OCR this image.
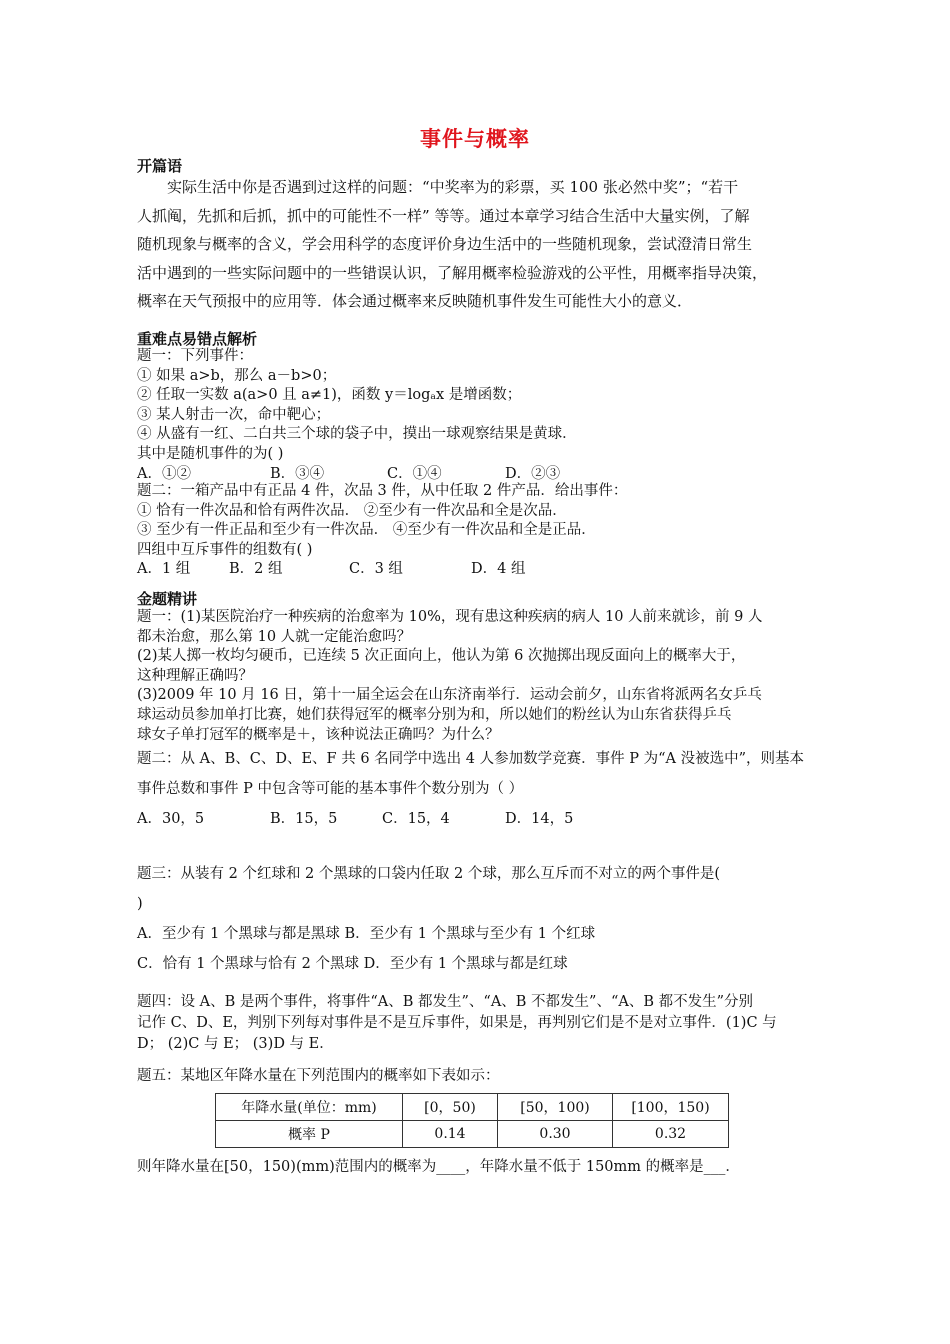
事件与概率
开篇语
实际生活中你是否遇到过这样的问题：“中奖率为的彩票，买 100 张必然中奖”；“若干
人抓阄，先抓和后抓，抓中的可能性不一样” 等等。通过本章学习结合生活中大量实例，了解
随机现象与概率的含义，学会用科学的态度评价身边生活中的一些随机现象，尝试澄清日常生
活中遇到的一些实际问题中的一些错误认识，了解用概率检验游戏的公平性，用概率指导决策，
概率在天气预报中的应用等．体会通过概率来反映随机事件发生可能性大小的意义．
重难点易错点解析
题一：下列事件：
① 如果 a>b，那么 a－b>0；
② 任取一实数 a(a>0 且 a≠1)，函数 y＝logₐx 是增函数；
③ 某人射击一次，命中靶心；
④ 从盛有一红、二白共三个球的袋子中，摸出一球观察结果是黄球．
其中是随机事件的为( )
A．①②	B．③④	C．①④	D．②③
题二：一箱产品中有正品 4 件，次品 3 件，从中任取 2 件产品．给出事件：
① 恰有一件次品和恰有两件次品． ②至少有一件次品和全是次品．
③ 至少有一件正品和至少有一件次品． ④至少有一件次品和全是正品．
四组中互斥事件的组数有( )
A．1 组	B．2 组	C．3 组	D．4 组
金题精讲
题一：(1)某医院治疗一种疾病的治愈率为 10%，现有患这种疾病的病人 10 人前来就诊，前 9 人
都未治愈，那么第 10 人就一定能治愈吗？
(2)某人掷一枚均匀硬币，已连续 5 次正面向上，他认为第 6 次抛掷出现反面向上的概率大于，
这种理解正确吗？
(3)2009 年 10 月 16 日，第十一届全运会在山东济南举行．运动会前夕，山东省将派两名女乒乓
球运动员参加单打比赛，她们获得冠军的概率分别为和，所以她们的粉丝认为山东省获得乒乓
球女子单打冠军的概率是＋，该种说法正确吗？为什么？
题二：从 A、B、C、D、E、F 共 6 名同学中选出 4 人参加数学竞赛．事件 P 为“A 没被选中”，则基本
事件总数和事件 P 中包含等可能的基本事件个数分别为（ ）
A．30，5	B．15，5	C．15，4	D．14，5
题三：从装有 2 个红球和 2 个黑球的口袋内任取 2 个球，那么互斥而不对立的两个事件是(
)
A．至少有 1 个黑球与都是黑球 B．至少有 1 个黑球与至少有 1 个红球
C．恰有 1 个黑球与恰有 2 个黑球 D．至少有 1 个黑球与都是红球
题四：设 A、B 是两个事件，将事件“A、B 都发生”、“A、B 不都发生”、“A、B 都不发生”分别
记作 C、D、E，判别下列每对事件是不是互斥事件，如果是，再判别它们是不是对立事件．(1)C 与
D； (2)C 与 E； (3)D 与 E．
题五：某地区年降水量在下列范围内的概率如下表如示：
年降水量(单位：mm)	[0，50)	[50，100)	[100，150)
概率 P	0.14	0.30	0.32
则年降水量在[50，150)(mm)范围内的概率为____，年降水量不低于 150mm 的概率是___．
